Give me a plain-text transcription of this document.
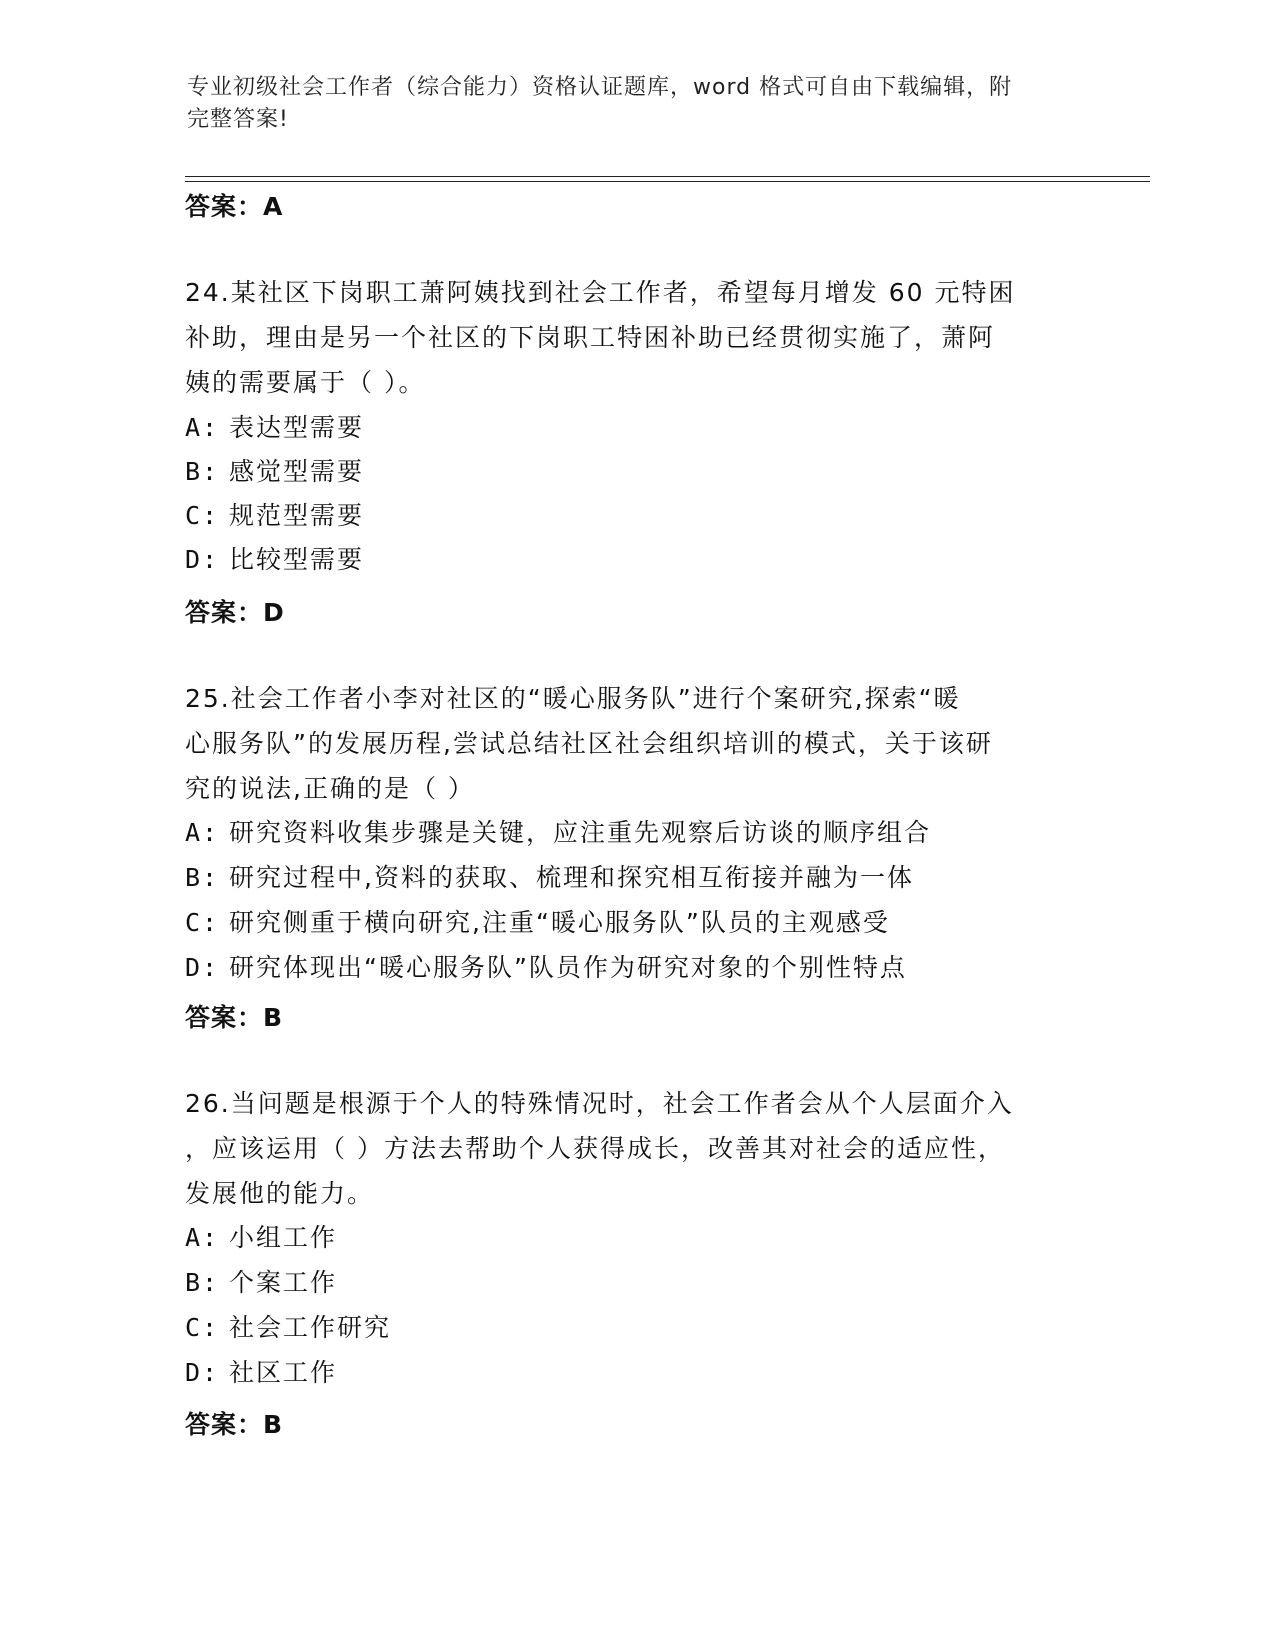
专业初级社会工作者（综合能力）资格认证题库，word 格式可自由下载编辑，附
完整答案!
答案：A
24.某社区下岗职工萧阿姨找到社会工作者，希望每月增发 60 元特困
补助，理由是另一个社区的下岗职工特困补助已经贯彻实施了，萧阿
姨的需要属于（ ）。
A: 表达型需要
B: 感觉型需要
C: 规范型需要
D: 比较型需要
答案：D
25.社会工作者小李对社区的“暖心服务队”进行个案研究,探索“暖
心服务队”的发展历程,尝试总结社区社会组织培训的模式，关于该研
究的说法,正确的是（ ）
A: 研究资料收集步骤是关键，应注重先观察后访谈的顺序组合
B: 研究过程中,资料的获取、梳理和探究相互衔接并融为一体
C: 研究侧重于横向研究,注重“暖心服务队”队员的主观感受
D: 研究体现出“暖心服务队”队员作为研究对象的个别性特点
答案：B
26.当问题是根源于个人的特殊情况时，社会工作者会从个人层面介入
，应该运用（ ）方法去帮助个人获得成长，改善其对社会的适应性，
发展他的能力。
A: 小组工作
B: 个案工作
C: 社会工作研究
D: 社区工作
答案：B
